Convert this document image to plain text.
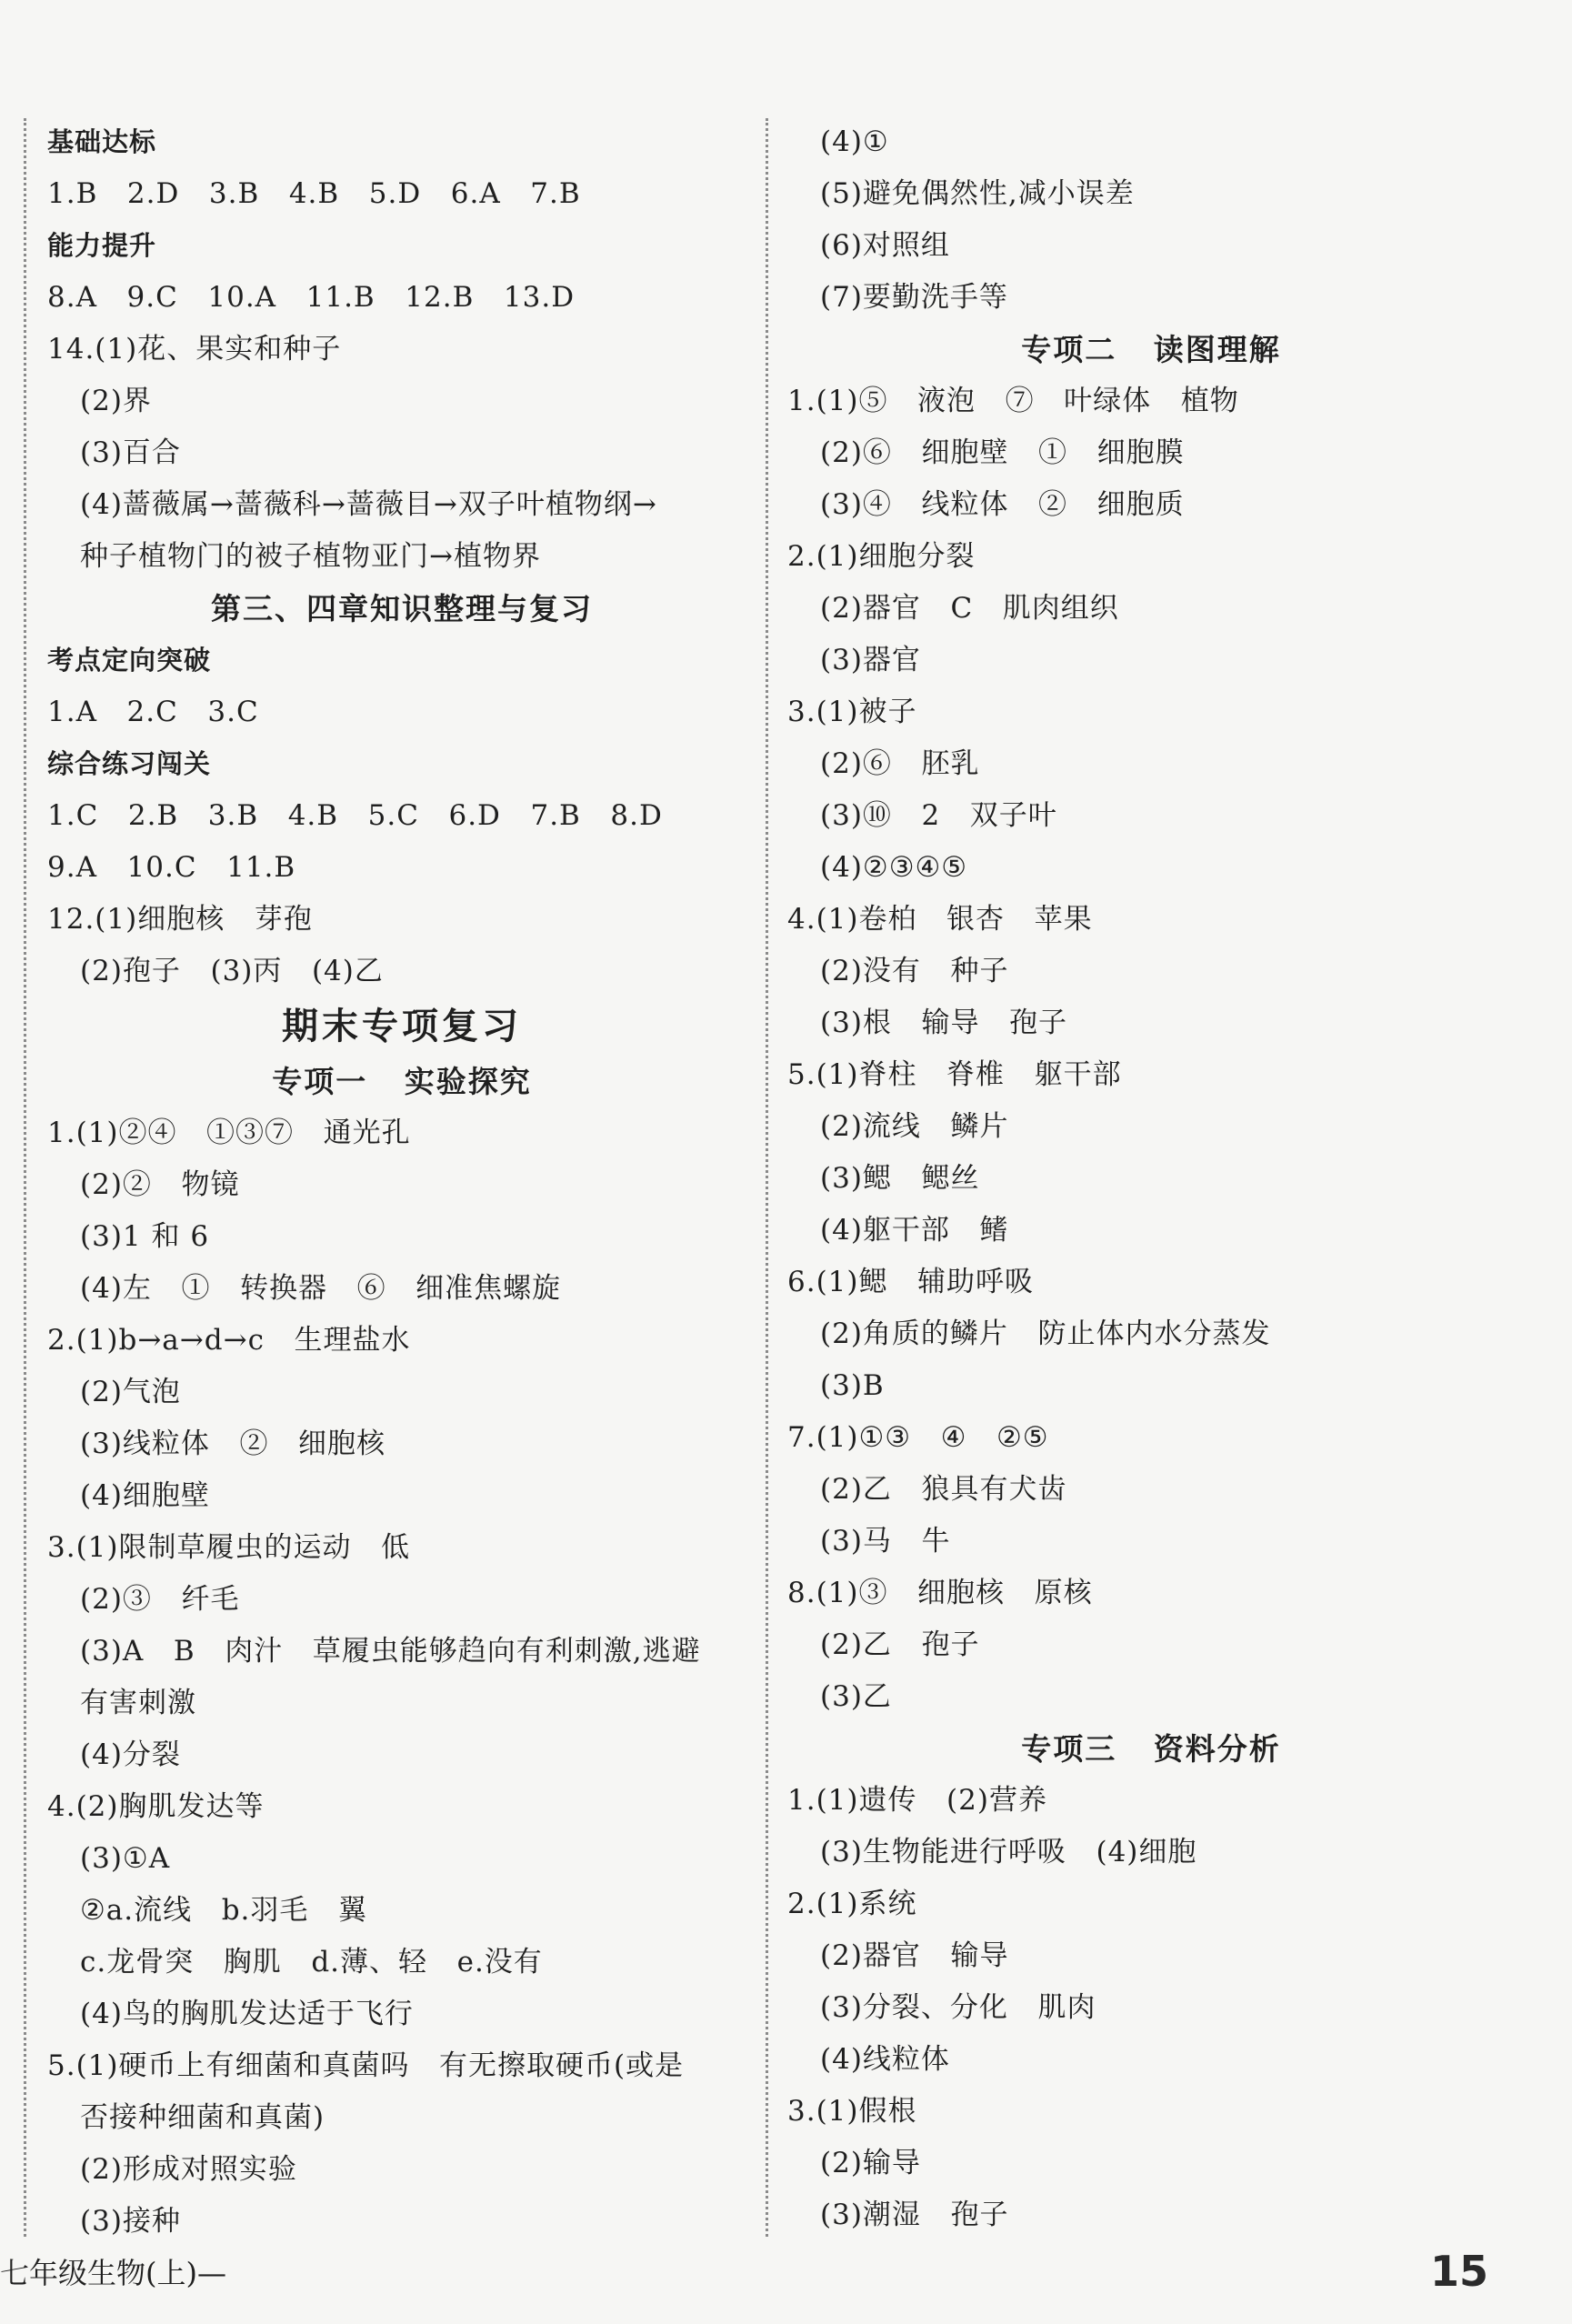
基础达标
1.B   2.D   3.B   4.B   5.D   6.A   7.B
能力提升
8.A   9.C   10.A   11.B   12.B   13.D
14.(1)花、果实和种子
(2)界
(3)百合
(4)蔷薇属→蔷薇科→蔷薇目→双子叶植物纲→
种子植物门的被子植物亚门→植物界
第三、四章知识整理与复习
考点定向突破
1.A   2.C   3.C
综合练习闯关
1.C   2.B   3.B   4.B   5.C   6.D   7.B   8.D
9.A   10.C   11.B
12.(1)细胞核   芽孢
(2)孢子   (3)丙   (4)乙
期末专项复习
专项一   实验探究
1.(1)②④   ①③⑦   通光孔
(2)②   物镜
(3)1 和 6
(4)左   ①   转换器   ⑥   细准焦螺旋
2.(1)b→a→d→c   生理盐水
(2)气泡
(3)线粒体   ②   细胞核
(4)细胞壁
3.(1)限制草履虫的运动   低
(2)③   纤毛
(3)A   B   肉汁   草履虫能够趋向有利刺激,逃避
有害刺激
(4)分裂
4.(2)胸肌发达等
(3)①A
②a.流线   b.羽毛   翼
c.龙骨突   胸肌   d.薄、轻   e.没有
(4)鸟的胸肌发达适于飞行
5.(1)硬币上有细菌和真菌吗   有无擦取硬币(或是
否接种细菌和真菌)
(2)形成对照实验
(3)接种
(4)①
(5)避免偶然性,减小误差
(6)对照组
(7)要勤洗手等
专项二   读图理解
1.(1)⑤   液泡   ⑦   叶绿体   植物
(2)⑥   细胞壁   ①   细胞膜
(3)④   线粒体   ②   细胞质
2.(1)细胞分裂
(2)器官   C   肌肉组织
(3)器官
3.(1)被子
(2)⑥   胚乳
(3)⑩   2   双子叶
(4)②③④⑤
4.(1)卷柏   银杏   苹果
(2)没有   种子
(3)根   输导   孢子
5.(1)脊柱   脊椎   躯干部
(2)流线   鳞片
(3)鳃   鳃丝
(4)躯干部   鳍
6.(1)鳃   辅助呼吸
(2)角质的鳞片   防止体内水分蒸发
(3)B
7.(1)①③   ④   ②⑤
(2)乙   狼具有犬齿
(3)马   牛
8.(1)③   细胞核   原核
(2)乙   孢子
(3)乙
专项三   资料分析
1.(1)遗传   (2)营养
(3)生物能进行呼吸   (4)细胞
2.(1)系统
(2)器官   输导
(3)分裂、分化   肌肉
(4)线粒体
3.(1)假根
(2)输导
(3)潮湿   孢子
七年级生物(上)—	15
